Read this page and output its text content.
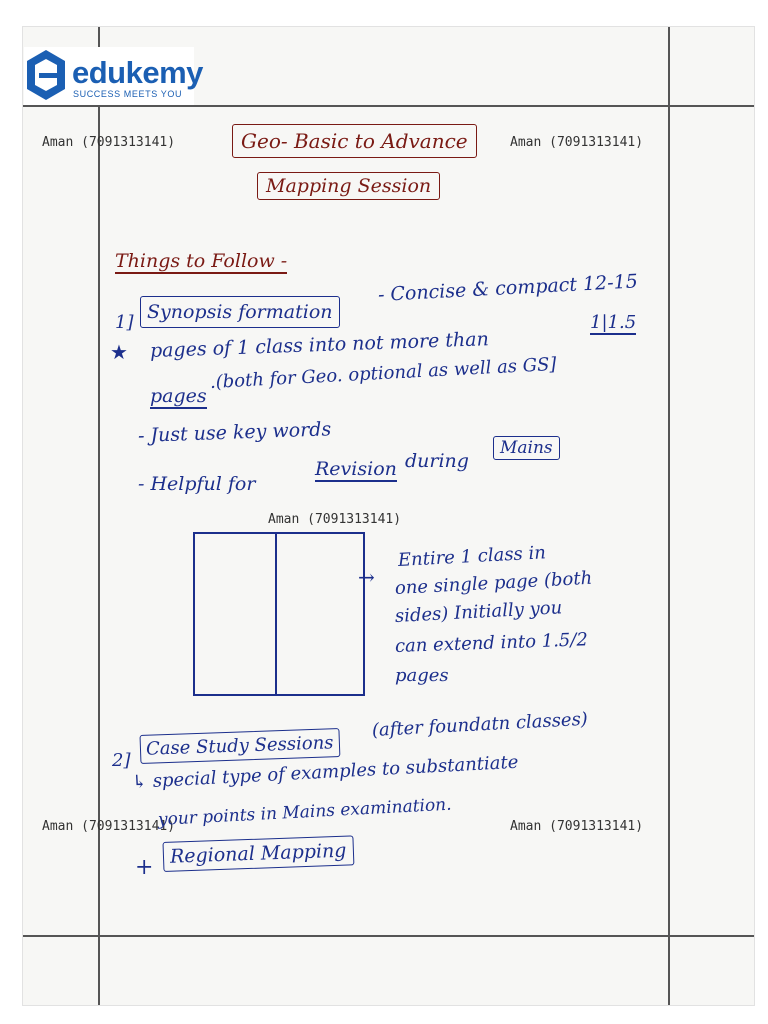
edukemy
SUCCESS MEETS YOU
Aman (7091313141)	Aman (7091313141)
Aman (7091313141)
Aman (7091313141)	Aman (7091313141)
Geo- Basic to Advance
Mapping Session
Things to Follow -
1] Synopsis formation
- Concise & compact 12-15
★ pages of 1 class into not more than
1|1.5
pages
.(both for Geo. optional as well as GS]
- Just use key words
- Helpful for
Revision during
Mains
→
Entire 1 class in
one single page (both
sides) Initially you
can extend into 1.5/2
pages
2]
Case Study Sessions
(after foundatn classes)
↳ special type of examples to substantiate
your points in Mains examination.
+ Regional Mapping
